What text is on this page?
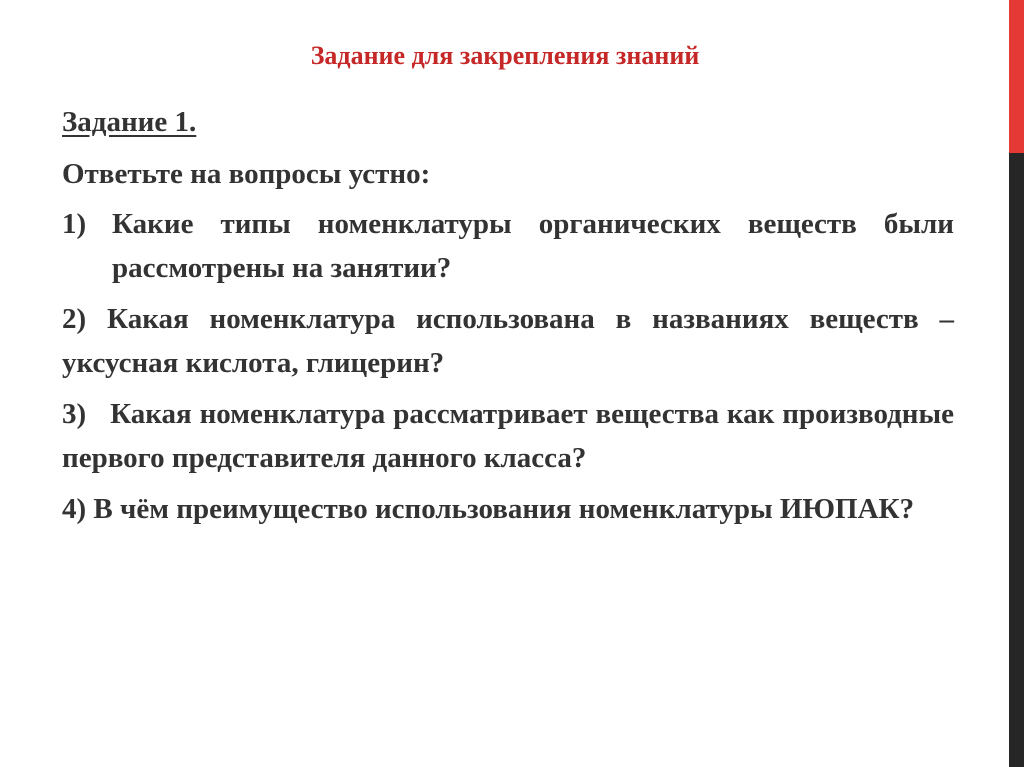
Задание для закрепления знаний

Задание 1.

Ответьте на вопросы устно:

1) Какие типы номенклатуры органических веществ были рассмотрены на занятии?

2) Какая номенклатура использована в названиях веществ – уксусная кислота, глицерин?

3) Какая номенклатура рассматривает вещества как производные первого представителя данного класса?

4) В чём преимущество использования номенклатуры ИЮПАК?
